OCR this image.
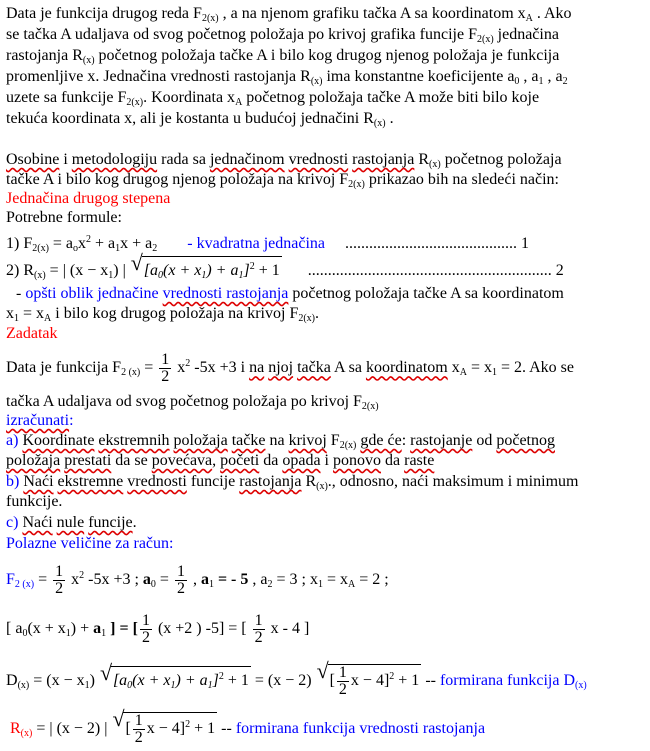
Data je funkcija drugog reda $F_{2(x)}$ , a na njenom grafiku tačka A sa koordinatom $x_A$ . Ako
se tačka A udaljava od svog početnog položaja po krivoj grafika funcije $F_{2(x)}$ jednačina
rastojanja $R_{(x)}$ početnog položaja tačke A i bilo kog drugog njenog položaja je funkcija
promenljive x. Jednačina vrednosti rastojanja $R_{(x)}$ ima konstantne koeficijente $a_0$ , $a_1$ , $a_2$
uzete sa funkcije $F_{2(x)}$. Koordinata $x_A$ početnog položaja tačke A može biti bilo koje
tekuća koordinata x, ali je kostanta u budućoj jednačini $R_{(x)}$ .
Osobine i metodologiju rada sa jednačinom vrednosti rastojanja $R_{(x)}$ početnog položaja
tačke A i bilo kog drugog njenog položaja na krivoj $F_{2(x)}$ prikazao bih na sledeći način:
Jednačina drugog stepena
Potrebne formule:
1) $F_{2(x)} = a_ox^2 + a_1x + a_2$ - kvadratna jednačina ........................................... 1
2) $R_{(x)}$ = | $(x - x_1)$ | √ $[a_0(x + x_1) + a_1]^2 + 1$ ............................................................. 2
- opšti oblik jednačine vrednosti rastojanja početnog položaja tačke A sa koordinatom
$x_1 = x_A$ i bilo kog drugog položaja na krivoj $F_{2(x)}$.
Zadatak
Data je funkcija $F_{2 (x)} = \frac{1}{2} x^2$ -5x +3 i na njoj tačka A sa koordinatom $x_A = x_1 = 2$. Ako se
tačka A udaljava od svog početnog položaja po krivoj $F_{2(x)}$
izračunati:
a) Koordinate ekstremnih položaja tačke na krivoj $F_{2(x)}$ gde će: rastojanje od početnog
položaja prestati da se povećava, početi da opada i ponovo da raste
b) Naći ekstremne vrednosti funcije rastojanja $R_{(x)}$., odnosno, naći maksimum i minimum
funkcije.
c) Naći nule funcije.
Polazne veličine za račun:
$F_{2 (x)} = \frac{1}{2} x^2$ -5x +3 ; $a_0 = \frac{1}{2}$ , $a_1$ = - 5 , $a_2 = 3$ ; $x_1 = x_A = 2$ ;
[ $a_0(x + x_1) + a_1$ ] = [ $\frac{1}{2} (x +2$ ) -5] = [ $\frac{1}{2}$ x - 4 ]
$D_{(x)} = (x - x_1)$ √ $[a_0(x + x_1) + a_1]^2 + 1 = (x - 2)$ √ [ $\frac{1}{2}$ x − 4]$^2$ + 1 -- formirana funkcija $D_{(x)}$
$R_{(x)}$ = | (x − 2) | √ [ $\frac{1}{2}$ x − 4]$^2$ + 1 -- formirana funkcija vrednosti rastojanja
